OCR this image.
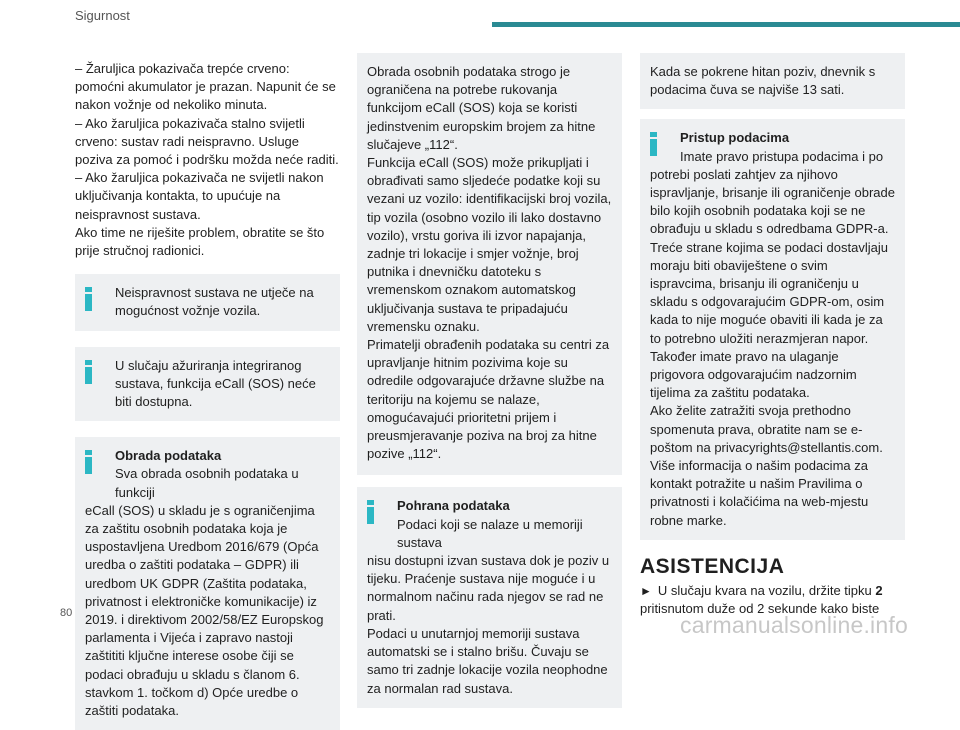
Sigurnost

– Žaruljica pokazivača trepće crveno: pomoćni akumulator je prazan. Napunit će se nakon vožnje od nekoliko minuta.

– Ako žaruljica pokazivača stalno svijetli crveno: sustav radi neispravno. Usluge poziva za pomoć i podršku možda neće raditi.

– Ako žaruljica pokazivača ne svijetli nakon uključivanja kontakta, to upućuje na neispravnost sustava.

Ako time ne riješite problem, obratite se što prije stručnoj radionici.

Neispravnost sustava ne utječe na mogućnost vožnje vozila.

U slučaju ažuriranja integriranog sustava, funkcija eCall (SOS) neće biti dostupna.

Obrada podataka

Sva obrada osobnih podataka u funkciji

eCall (SOS) u skladu je s ograničenjima za zaštitu osobnih podataka koja je uspostavljena Uredbom 2016/679 (Opća uredba o zaštiti podataka – GDPR) ili uredbom UK GDPR (Zaštita podataka, privatnost i elektroničke komunikacije) iz 2019. i direktivom 2002/58/EZ Europskog parlamenta i Vijeća i zapravo nastoji zaštititi ključne interese osobe čiji se podaci obrađuju u skladu s članom 6. stavkom 1. točkom d) Opće uredbe o zaštiti podataka.

Obrada osobnih podataka strogo je ograničena na potrebe rukovanja funkcijom eCall (SOS) koja se koristi jedinstvenim europskim brojem za hitne slučajeve „112“.

Funkcija eCall (SOS) može prikupljati i obrađivati samo sljedeće podatke koji su vezani uz vozilo: identifikacijski broj vozila, tip vozila (osobno vozilo ili lako dostavno vozilo), vrstu goriva ili izvor napajanja, zadnje tri lokacije i smjer vožnje, broj putnika i dnevničku datoteku s vremenskom oznakom automatskog uključivanja sustava te pripadajuću vremensku oznaku.

Primatelji obrađenih podataka su centri za upravljanje hitnim pozivima koje su odredile odgovarajuće državne službe na teritoriju na kojemu se nalaze, omogućavajući prioritetni prijem i preusmjeravanje poziva na broj za hitne pozive „112“.

Pohrana podataka

Podaci koji se nalaze u memoriji sustava

nisu dostupni izvan sustava dok je poziv u tijeku. Praćenje sustava nije moguće i u normalnom načinu rada njegov se rad ne prati.

Podaci u unutarnjoj memoriji sustava automatski se i stalno brišu. Čuvaju se samo tri zadnje lokacije vozila neophodne za normalan rad sustava.

Kada se pokrene hitan poziv, dnevnik s podacima čuva se najviše 13 sati.

Pristup podacima

Imate pravo pristupa podacima i po

potrebi poslati zahtjev za njihovo ispravljanje, brisanje ili ograničenje obrade bilo kojih osobnih podataka koji se ne obrađuju u skladu s odredbama GDPR-a. Treće strane kojima se podaci dostavljaju moraju biti obaviještene o svim ispravcima, brisanju ili ograničenju u skladu s odgovarajućim GDPR-om, osim kada to nije moguće obaviti ili kada je za to potrebno uložiti nerazmjeran napor.

Također imate pravo na ulaganje prigovora odgovarajućim nadzornim tijelima za zaštitu podataka.

Ako želite zatražiti svoja prethodno spomenuta prava, obratite nam se e-poštom na privacyrights@stellantis.com.

Više informacija o našim podacima za kontakt potražite u našim Pravilima o privatnosti i kolačićima na web-mjestu robne marke.

ASISTENCIJA

► U slučaju kvara na vozilu, držite tipku 2
pritisnutom duže od 2 sekunde kako biste

80	carmanualsonline.info
